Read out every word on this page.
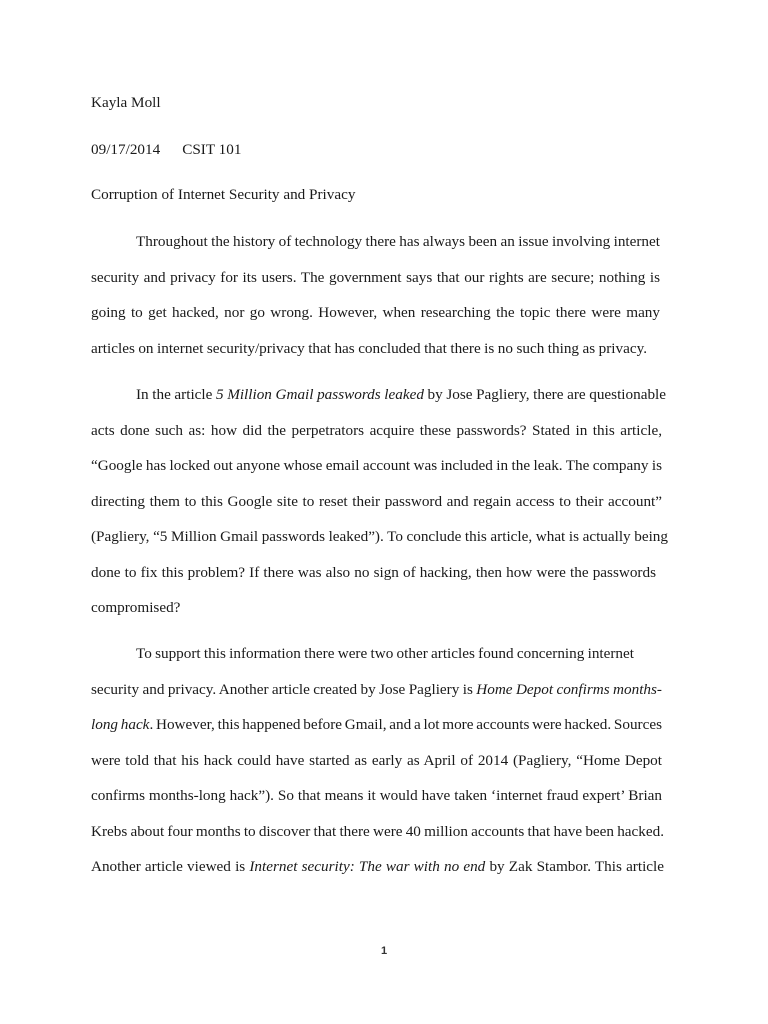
Kayla Moll

09/17/2014 CSIT 101

Corruption of Internet Security and Privacy

Throughout the history of technology there has always been an issue involving internet

security and privacy for its users. The government says that our rights are secure; nothing is

going to get hacked, nor go wrong. However, when researching the topic there were many

articles on internet security/privacy that has concluded that there is no such thing as privacy.

In the article 5 Million Gmail passwords leaked by Jose Pagliery, there are questionable

acts done such as: how did the perpetrators acquire these passwords? Stated in this article,

“Google has locked out anyone whose email account was included in the leak. The company is

directing them to this Google site to reset their password and regain access to their account”

(Pagliery, “5 Million Gmail passwords leaked”). To conclude this article, what is actually being

done to fix this problem? If there was also no sign of hacking, then how were the passwords

compromised?

To support this information there were two other articles found concerning internet

security and privacy. Another article created by Jose Pagliery is Home Depot confirms months-

long hack. However, this happened before Gmail, and a lot more accounts were hacked. Sources

were told that his hack could have started as early as April of 2014 (Pagliery, “Home Depot

confirms months-long hack”). So that means it would have taken ‘internet fraud expert’ Brian

Krebs about four months to discover that there were 40 million accounts that have been hacked.

Another article viewed is Internet security: The war with no end by Zak Stambor. This article

1
